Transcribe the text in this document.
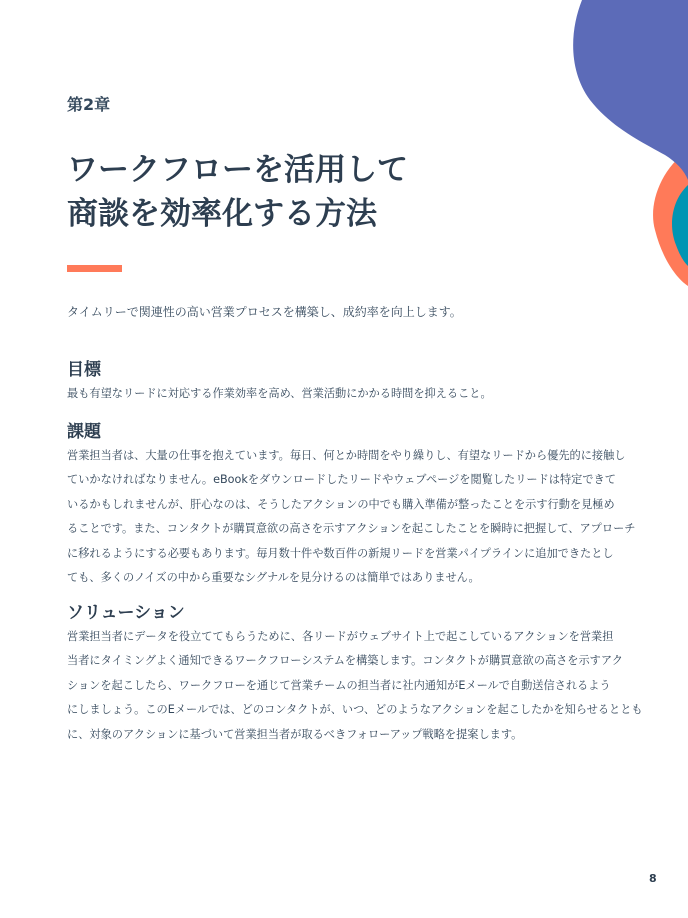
第2章
ワークフローを活用して
商談を効率化する方法
タイムリーで関連性の高い営業プロセスを構築し、成約率を向上します。
目標
最も有望なリードに対応する作業効率を高め、営業活動にかかる時間を抑えること。
課題
営業担当者は、大量の仕事を抱えています。毎日、何とか時間をやり繰りし、有望なリードから優先的に接触し
ていかなければなりません。eBookをダウンロードしたリードやウェブページを閲覧したリードは特定できて
いるかもしれませんが、肝心なのは、そうしたアクションの中でも購入準備が整ったことを示す行動を見極め
ることです。また、コンタクトが購買意欲の高さを示すアクションを起こしたことを瞬時に把握して、アプローチ
に移れるようにする必要もあります。毎月数十件や数百件の新規リードを営業パイプラインに追加できたとし
ても、多くのノイズの中から重要なシグナルを見分けるのは簡単ではありません。
ソリューション
営業担当者にデータを役立ててもらうために、各リードがウェブサイト上で起こしているアクションを営業担
当者にタイミングよく通知できるワークフローシステムを構築します。コンタクトが購買意欲の高さを示すアク
ションを起こしたら、ワークフローを通じて営業チームの担当者に社内通知がEメールで自動送信されるよう
にしましょう。このEメールでは、どのコンタクトが、いつ、どのようなアクションを起こしたかを知らせるととも
に、対象のアクションに基づいて営業担当者が取るべきフォローアップ戦略を提案します。
8
